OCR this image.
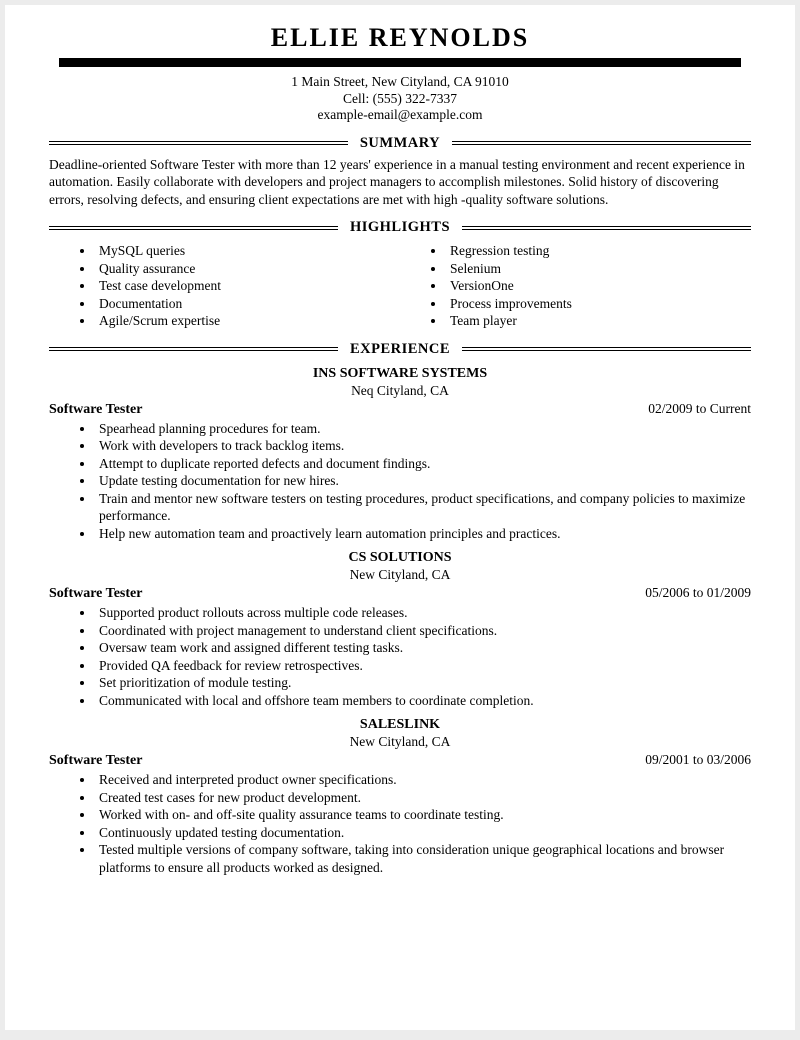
ELLIE REYNOLDS
1 Main Street, New Cityland, CA 91010
Cell: (555) 322-7337
example-email@example.com
SUMMARY
Deadline-oriented Software Tester with more than 12 years' experience in a manual testing environment and recent experience in automation. Easily collaborate with developers and project managers to accomplish milestones. Solid history of discovering errors, resolving defects, and ensuring client expectations are met with high -quality software solutions.
HIGHLIGHTS
• MySQL queries
• Quality assurance
• Test case development
• Documentation
• Agile/Scrum expertise
• Regression testing
• Selenium
• VersionOne
• Process improvements
• Team player
EXPERIENCE
INS SOFTWARE SYSTEMS
Neq Cityland, CA
Software Tester	02/2009 to Current
• Spearhead planning procedures for team.
• Work with developers to track backlog items.
• Attempt to duplicate reported defects and document findings.
• Update testing documentation for new hires.
• Train and mentor new software testers on testing procedures, product specifications, and company policies to maximize performance.
• Help new automation team and proactively learn automation principles and practices.
CS SOLUTIONS
New Cityland, CA
Software Tester	05/2006 to 01/2009
• Supported product rollouts across multiple code releases.
• Coordinated with project management to understand client specifications.
• Oversaw team work and assigned different testing tasks.
• Provided QA feedback for review retrospectives.
• Set prioritization of module testing.
• Communicated with local and offshore team members to coordinate completion.
SALESLINK
New Cityland, CA
Software Tester	09/2001 to 03/2006
• Received and interpreted product owner specifications.
• Created test cases for new product development.
• Worked with on- and off-site quality assurance teams to coordinate testing.
• Continuously updated testing documentation.
• Tested multiple versions of company software, taking into consideration unique geographical locations and browser platforms to ensure all products worked as designed.
